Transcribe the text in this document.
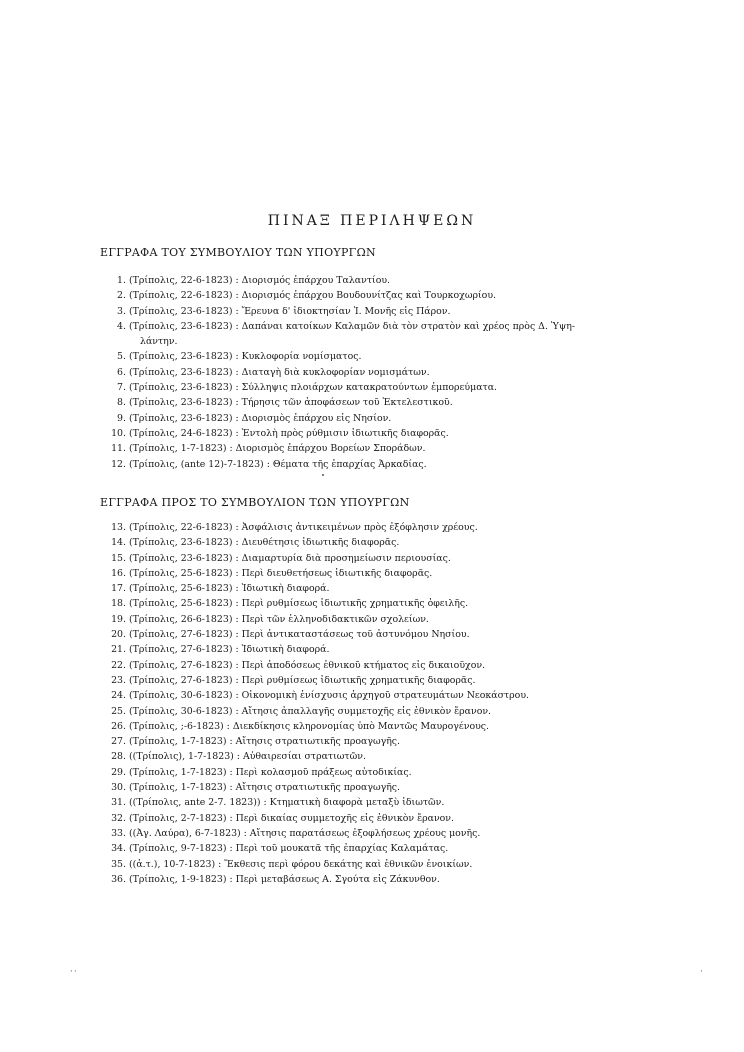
ΠΙΝΑΞ ΠΕΡΙΛΗΨΕΩΝ
ΕΓΓΡΑΦΑ ΤΟΥ ΣΥΜΒΟΥΛΙΟΥ ΤΩΝ ΥΠΟΥΡΓΩΝ
1. (Τρίπολις, 22-6-1823) : Διορισμός ἐπάρχου Ταλαντίου.
2. (Τρίπολις, 22-6-1823) : Διορισμός ἐπάρχου Βουδουνίτζας καὶ Τουρκοχωρίου.
3. (Τρίπολις, 23-6-1823) : Ἔρευνα δ' ἰδιοκτησίαν Ἰ. Μονῆς εἰς Πάρον.
4. (Τρίπολις, 23-6-1823) : Δαπάναι κατοίκων Καλαμῶν διὰ τὸν στρατὸν καὶ χρέος πρὸς Δ. Ὑψη-
λάντην.
5. (Τρίπολις, 23-6-1823) : Κυκλοφορία νομίσματος.
6. (Τρίπολις, 23-6-1823) : Διαταγὴ διὰ κυκλοφορίαν νομισμάτων.
7. (Τρίπολις, 23-6-1823) : Σύλληψις πλοιάρχων κατακρατούντων ἐμπορεύματα.
8. (Τρίπολις, 23-6-1823) : Τήρησις τῶν ἀποφάσεων τοῦ Ἐκτελεστικοῦ.
9. (Τρίπολις, 23-6-1823) : Διορισμὸς ἐπάρχου εἰς Νησίον.
10. (Τρίπολις, 24-6-1823) : Ἐντολὴ πρὸς ρύθμισιν ἰδιωτικῆς διαφορᾶς.
11. (Τρίπολις, 1-7-1823) : Διορισμὸς ἐπάρχου Βορείων Σποράδων.
12. (Τρίπολις, (ante 12)-7-1823) : Θέματα τῆς ἐπαρχίας Ἀρκαδίας.
ΕΓΓΡΑΦΑ ΠΡΟΣ ΤΟ ΣΥΜΒΟΥΛΙΟΝ ΤΩΝ ΥΠΟΥΡΓΩΝ
13. (Τρίπολις, 22-6-1823) : Ἀσφάλισις ἀντικειμένων πρὸς ἐξόφλησιν χρέους.
14. (Τρίπολις, 23-6-1823) : Διευθέτησις ἰδιωτικῆς διαφορᾶς.
15. (Τρίπολις, 23-6-1823) : Διαμαρτυρία διὰ προσημείωσιν περιουσίας.
16. (Τρίπολις, 25-6-1823) : Περὶ διευθετήσεως ἰδιωτικῆς διαφορᾶς.
17. (Τρίπολις, 25-6-1823) : Ἰδιωτικὴ διαφορά.
18. (Τρίπολις, 25-6-1823) : Περὶ ρυθμίσεως ἰδιωτικῆς χρηματικῆς ὀφειλῆς.
19. (Τρίπολις, 26-6-1823) : Περὶ τῶν ἑλληνοδιδακτικῶν σχολείων.
20. (Τρίπολις, 27-6-1823) : Περὶ ἀντικαταστάσεως τοῦ ἀστυνόμου Νησίου.
21. (Τρίπολις, 27-6-1823) : Ἰδιωτικὴ διαφορά.
22. (Τρίπολις, 27-6-1823) : Περὶ ἀποδόσεως ἐθνικοῦ κτήματος εἰς δικαιοῦχον.
23. (Τρίπολις, 27-6-1823) : Περὶ ρυθμίσεως ἰδιωτικῆς χρηματικῆς διαφορᾶς.
24. (Τρίπολις, 30-6-1823) : Οἰκονομικὴ ἐνίσχυσις ἀρχηγοῦ στρατευμάτων Νεοκάστρου.
25. (Τρίπολις, 30-6-1823) : Αἴτησις ἀπαλλαγῆς συμμετοχῆς εἰς ἐθνικὸν ἔρανον.
26. (Τρίπολις, ;-6-1823) : Διεκδίκησις κληρονομίας ὑπὸ Μαντῶς Μαυρογένους.
27. (Τρίπολις, 1-7-1823) : Αἴτησις στρατιωτικῆς προαγωγῆς.
28. ((Τρίπολις), 1-7-1823) : Αὐθαιρεσίαι στρατιωτῶν.
29. (Τρίπολις, 1-7-1823) : Περὶ κολασμοῦ πράξεως αὐτοδικίας.
30. (Τρίπολις, 1-7-1823) : Αἴτησις στρατιωτικῆς προαγωγῆς.
31. ((Τρίπολις, ante 2-7. 1823)) : Κτηματικὴ διαφορὰ μεταξὺ ἰδιωτῶν.
32. (Τρίπολις, 2-7-1823) : Περὶ δικαίας συμμετοχῆς εἰς ἐθνικὸν ἔρανον.
33. ((Ἀγ. Λαύρα), 6-7-1823) : Αἴτησις παρατάσεως ἐξοφλήσεως χρέους μονῆς.
34. (Τρίπολις, 9-7-1823) : Περὶ τοῦ μουκατᾶ τῆς ἐπαρχίας Καλαμάτας.
35. ((ἁ.τ.), 10-7-1823) : Ἔκθεσις περὶ φόρου δεκάτης καὶ ἐθνικῶν ἐνοικίων.
36. (Τρίπολις, 1-9-1823) : Περὶ μεταβάσεως Α. Σγούτα εἰς Ζάκυνθον.
··	·
